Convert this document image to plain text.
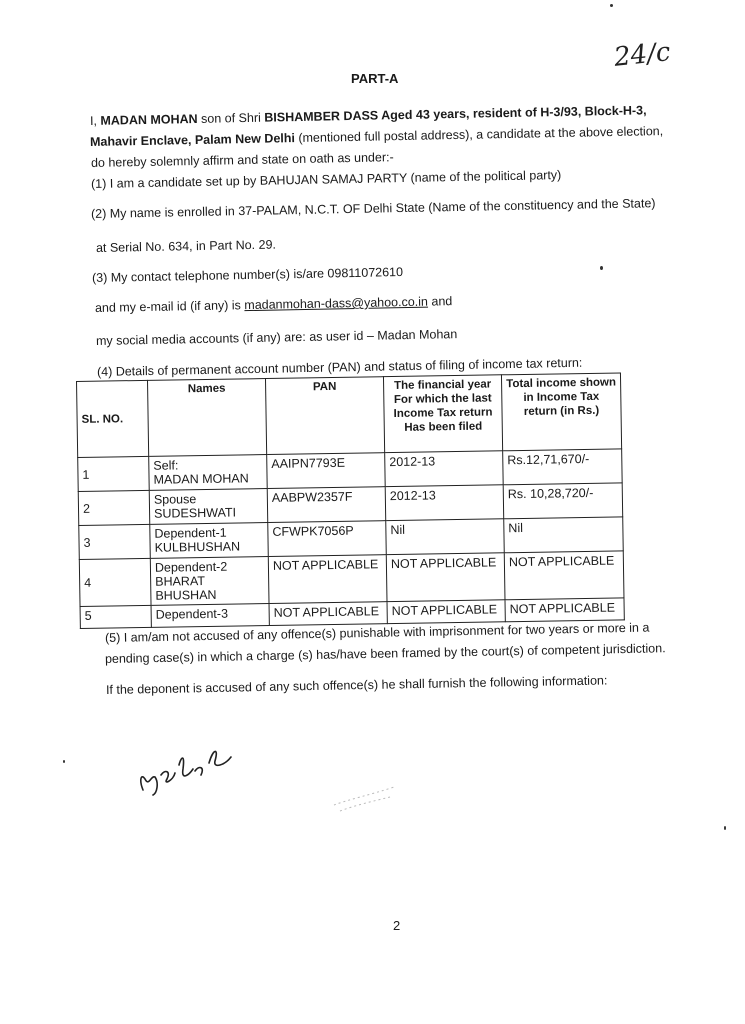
24/c
PART-A
I, MADAN MOHAN son of Shri BISHAMBER DASS Aged 43 years, resident of H-3/93, Block-H-3,
Mahavir Enclave, Palam New Delhi (mentioned full postal address), a candidate at the above election,
do hereby solemnly affirm and state on oath as under:-
(1) I am a candidate set up by BAHUJAN SAMAJ PARTY (name of the political party)
(2) My name is enrolled in 37-PALAM, N.C.T. OF Delhi State (Name of the constituency and the State)
at Serial No. 634, in Part No. 29.
(3) My contact telephone number(s) is/are 09811072610
and my e-mail id (if any) is madanmohan-dass@yahoo.co.in and
my social media accounts (if any) are: as user id – Madan Mohan
(4) Details of permanent account number (PAN) and status of filing of income tax return:
SL. NO.	Names	PAN	The financial year For which the last Income Tax return Has been filed	Total income shown in Income Tax return (in Rs.)
1	Self:
MADAN MOHAN	AAIPN7793E	2012-13	Rs.12,71,670/-
2	Spouse
SUDESHWATI	AABPW2357F	2012-13	Rs. 10,28,720/-
3	Dependent-1
KULBHUSHAN	CFWPK7056P	Nil	Nil
4	Dependent-2
BHARAT BHUSHAN	NOT APPLICABLE	NOT APPLICABLE	NOT APPLICABLE
5	Dependent-3	NOT APPLICABLE	NOT APPLICABLE	NOT APPLICABLE
(5) I am/am not accused of any offence(s) punishable with imprisonment for two years or more in a
pending case(s) in which a charge (s) has/have been framed by the court(s) of competent jurisdiction.
If the deponent is accused of any such offence(s) he shall furnish the following information:
2
